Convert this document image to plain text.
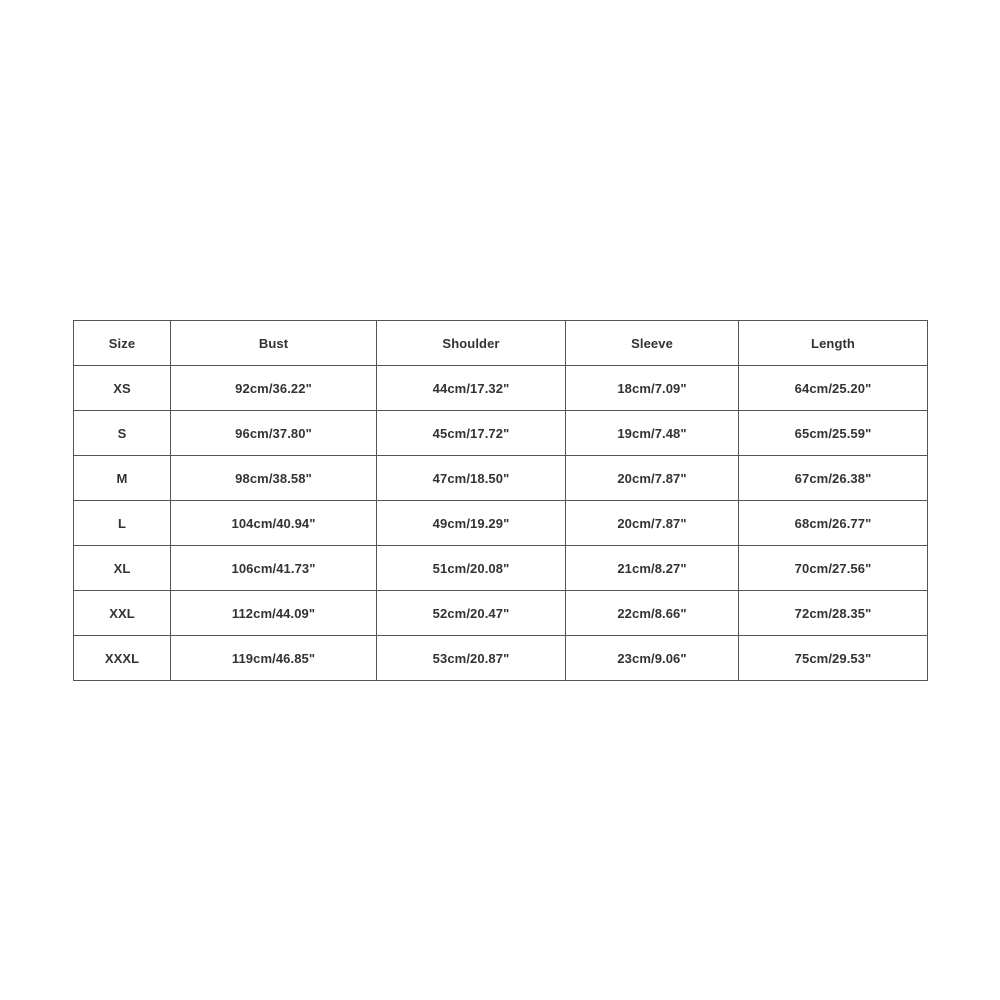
Size	Bust	Shoulder	Sleeve	Length
XS	92cm/36.22"	44cm/17.32"	18cm/7.09"	64cm/25.20"
S	96cm/37.80"	45cm/17.72"	19cm/7.48"	65cm/25.59"
M	98cm/38.58"	47cm/18.50"	20cm/7.87"	67cm/26.38"
L	104cm/40.94"	49cm/19.29"	20cm/7.87"	68cm/26.77"
XL	106cm/41.73"	51cm/20.08"	21cm/8.27"	70cm/27.56"
XXL	112cm/44.09"	52cm/20.47"	22cm/8.66"	72cm/28.35"
XXXL	119cm/46.85"	53cm/20.87"	23cm/9.06"	75cm/29.53"
